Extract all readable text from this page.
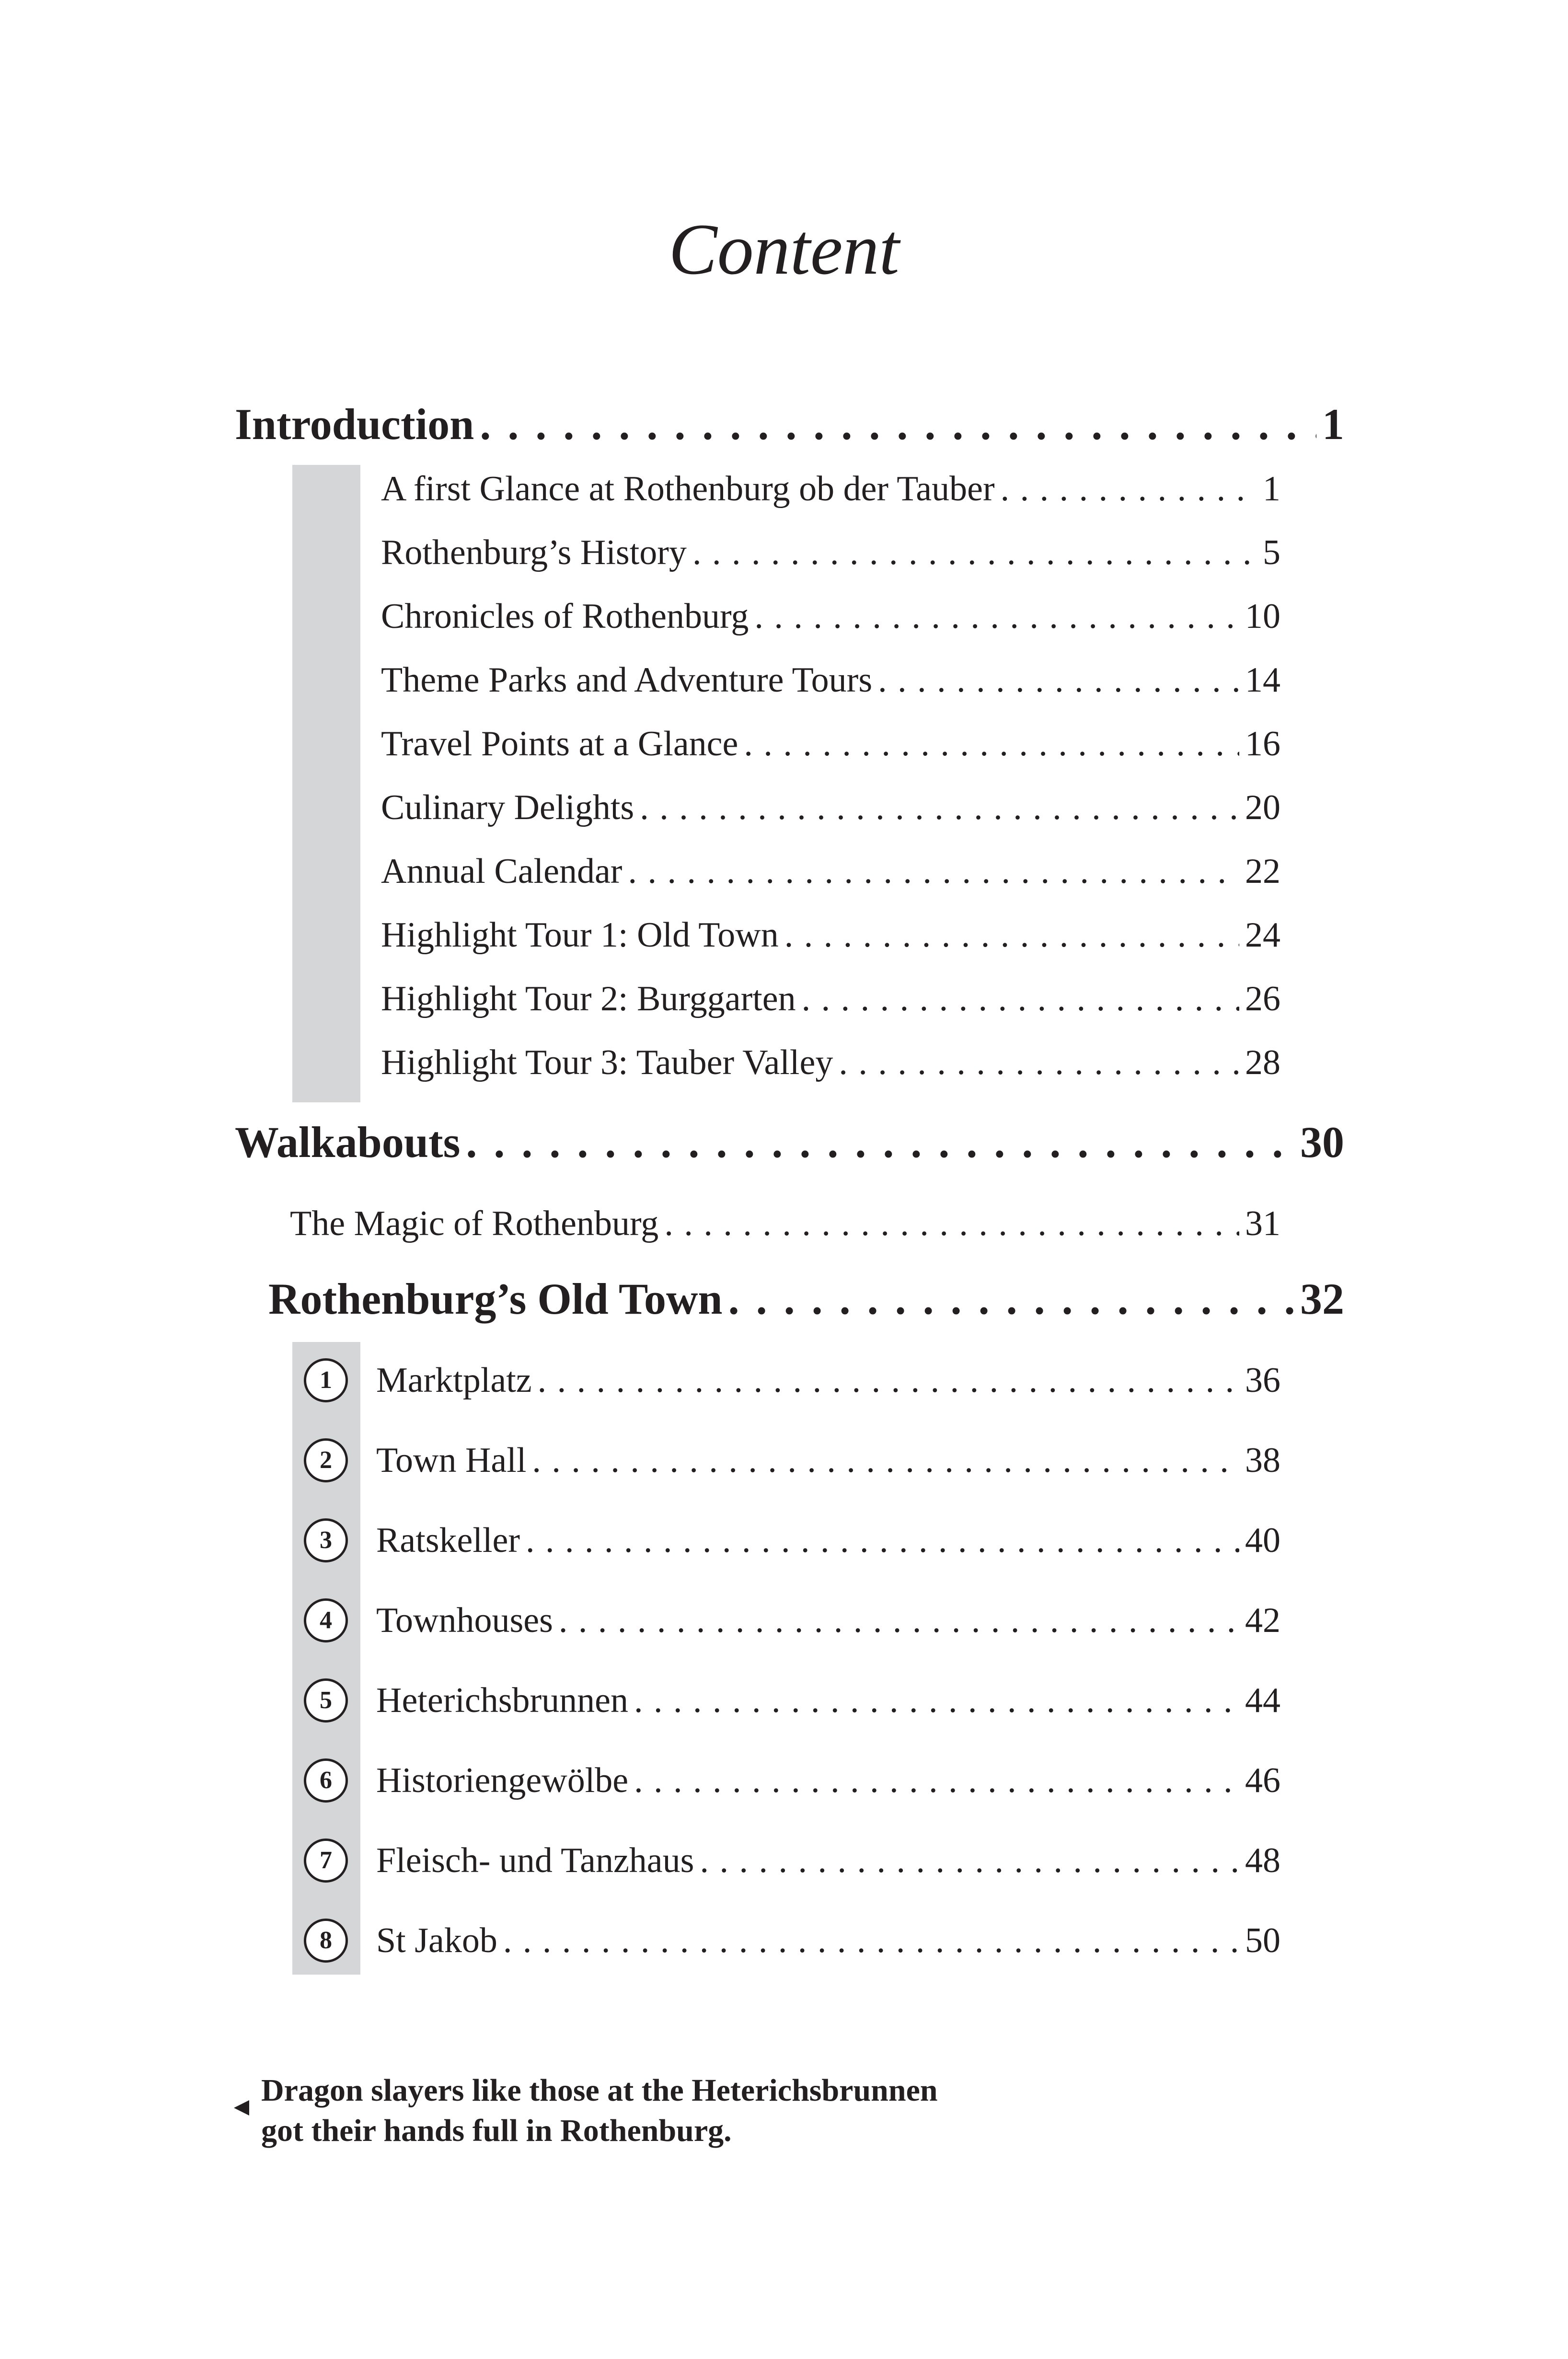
Content
Introduction . . .	1
A first Glance at Rothenburg ob der Tauber . . .	1
Rothenburg’s History . . .	5
Chronicles of Rothenburg . . .	10
Theme Parks and Adventure Tours . . .	14
Travel Points at a Glance . . .	16
Culinary Delights . . .	20
Annual Calendar . . .	22
Highlight Tour 1: Old Town . . .	24
Highlight Tour 2: Burggarten . . .	26
Highlight Tour 3: Tauber Valley . . .	28
Walkabouts . . .	30
The Magic of Rothenburg . . .	31
Rothenburg’s Old Town . . .	32
1	Marktplatz . . .	36
2	Town Hall . . .	38
3	Ratskeller . . .	40
4	Townhouses . . .	42
5	Heterichsbrunnen . . .	44
6	Historiengewölbe . . .	46
7	Fleisch- und Tanzhaus . . .	48
8	St Jakob . . .	50
Dragon slayers like those at the Heterichsbrunnen
got their hands full in Rothenburg.
